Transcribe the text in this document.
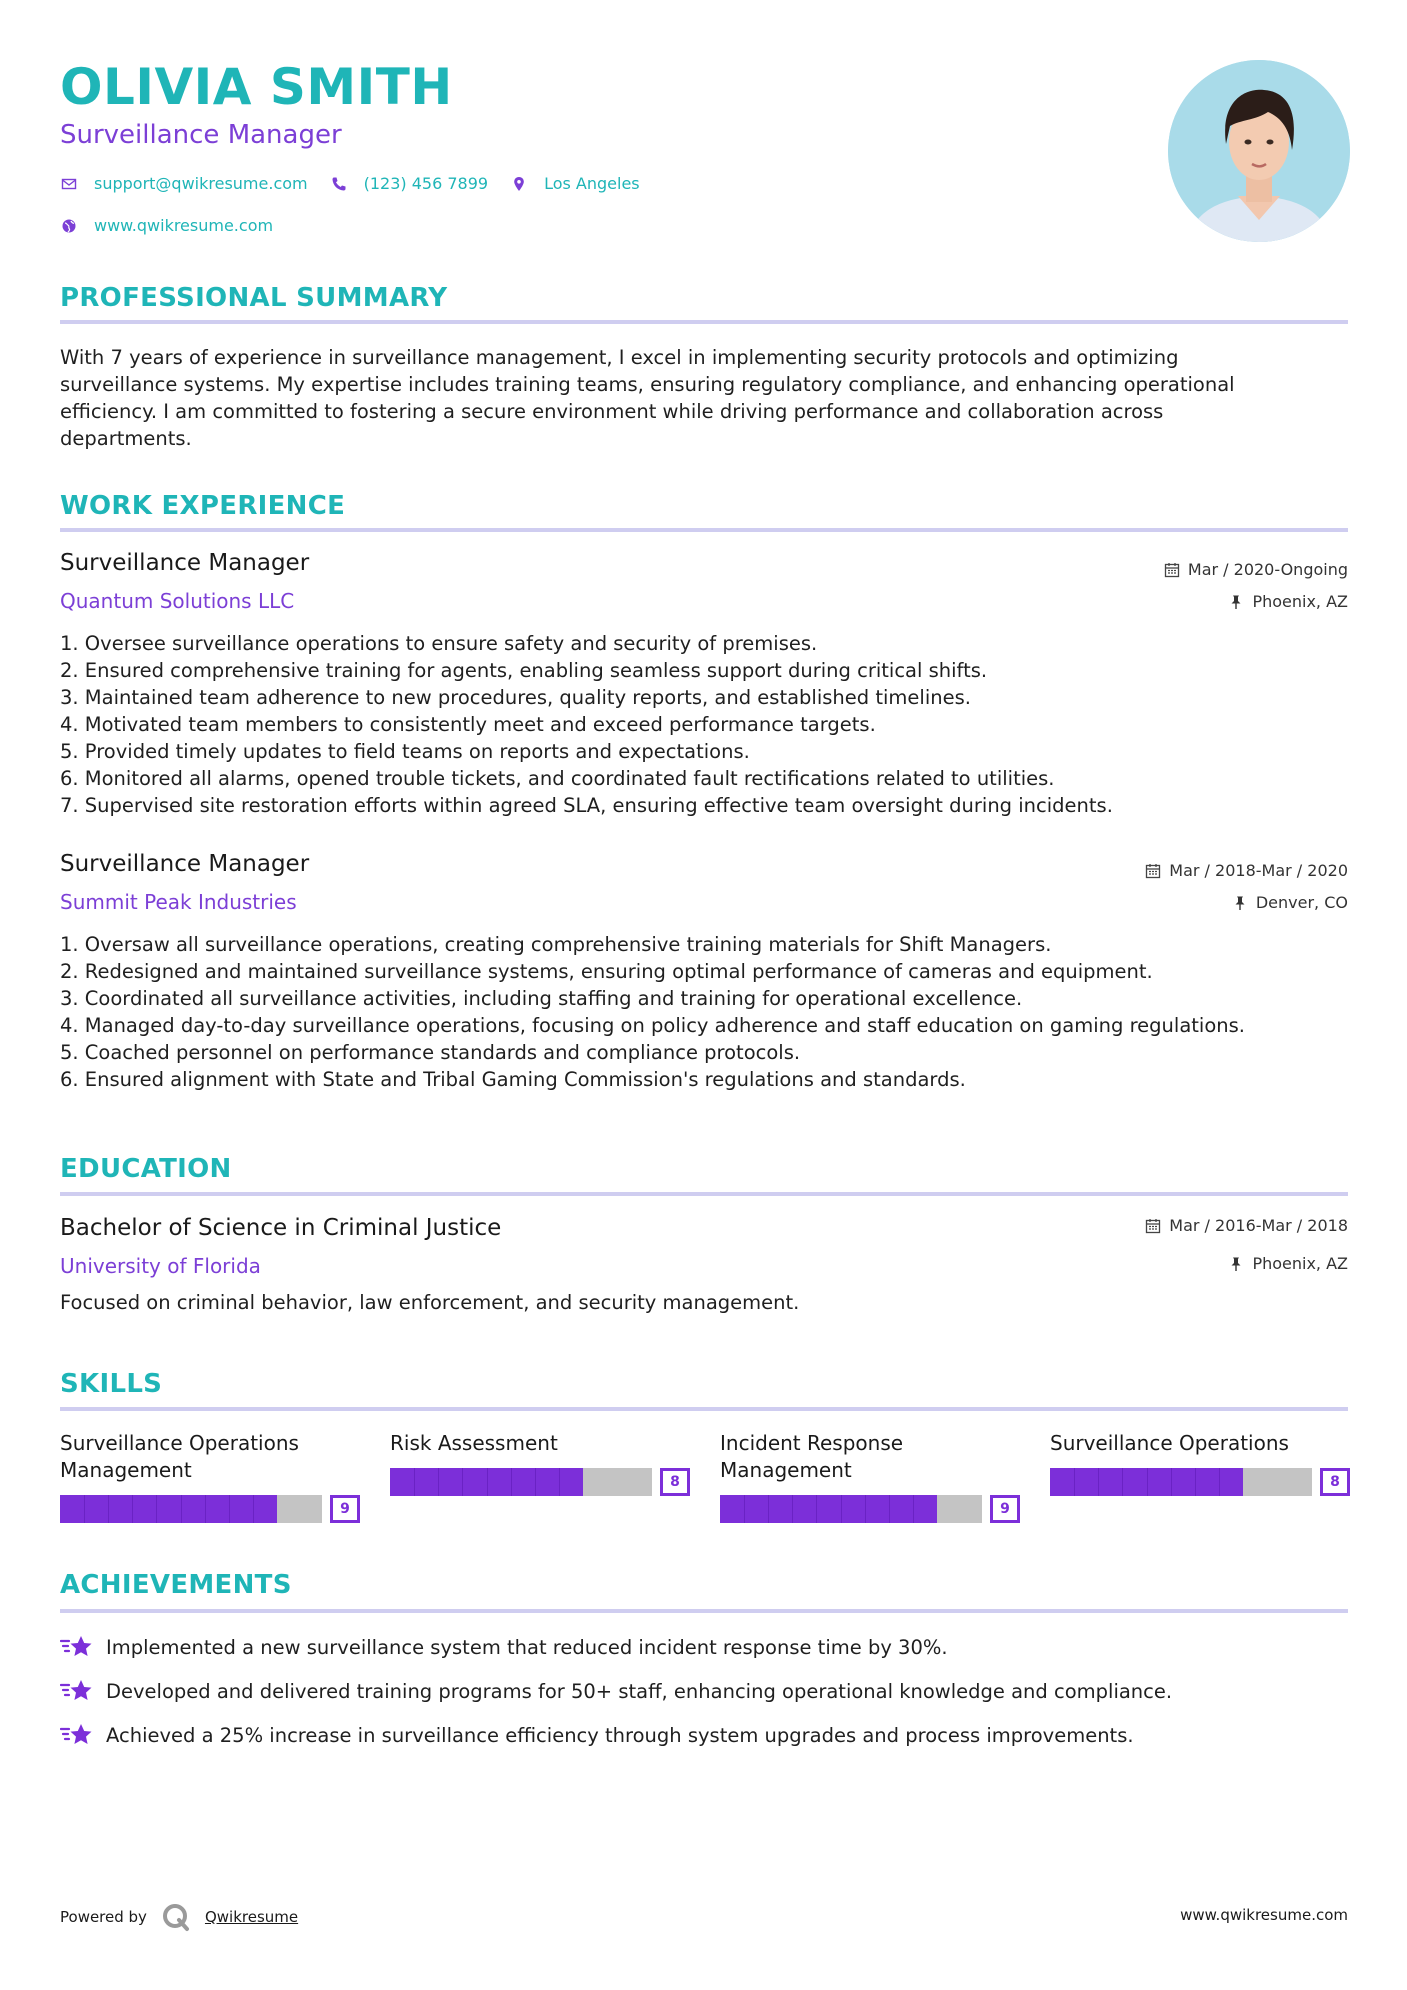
OLIVIA SMITH
Surveillance Manager
support@qwikresume.com	(123) 456 7899	Los Angeles
www.qwikresume.com
PROFESSIONAL SUMMARY
With 7 years of experience in surveillance management, I excel in implementing security protocols and optimizing
surveillance systems. My expertise includes training teams, ensuring regulatory compliance, and enhancing operational
efficiency. I am committed to fostering a secure environment while driving performance and collaboration across
departments.
WORK EXPERIENCE
Surveillance Manager	Mar / 2020-Ongoing
Quantum Solutions LLC	Phoenix, AZ
1. Oversee surveillance operations to ensure safety and security of premises.
2. Ensured comprehensive training for agents, enabling seamless support during critical shifts.
3. Maintained team adherence to new procedures, quality reports, and established timelines.
4. Motivated team members to consistently meet and exceed performance targets.
5. Provided timely updates to field teams on reports and expectations.
6. Monitored all alarms, opened trouble tickets, and coordinated fault rectifications related to utilities.
7. Supervised site restoration efforts within agreed SLA, ensuring effective team oversight during incidents.
Surveillance Manager	Mar / 2018-Mar / 2020
Summit Peak Industries	Denver, CO
1. Oversaw all surveillance operations, creating comprehensive training materials for Shift Managers.
2. Redesigned and maintained surveillance systems, ensuring optimal performance of cameras and equipment.
3. Coordinated all surveillance activities, including staffing and training for operational excellence.
4. Managed day-to-day surveillance operations, focusing on policy adherence and staff education on gaming regulations.
5. Coached personnel on performance standards and compliance protocols.
6. Ensured alignment with State and Tribal Gaming Commission's regulations and standards.
EDUCATION
Bachelor of Science in Criminal Justice	Mar / 2016-Mar / 2018
University of Florida	Phoenix, AZ
Focused on criminal behavior, law enforcement, and security management.
SKILLS
Surveillance Operations
Management
9
Risk Assessment
8
Incident Response
Management
9
Surveillance Operations
8
ACHIEVEMENTS
Implemented a new surveillance system that reduced incident response time by 30%.
Developed and delivered training programs for 50+ staff, enhancing operational knowledge and compliance.
Achieved a 25% increase in surveillance efficiency through system upgrades and process improvements.
Powered by	Qwikresume	www.qwikresume.com
